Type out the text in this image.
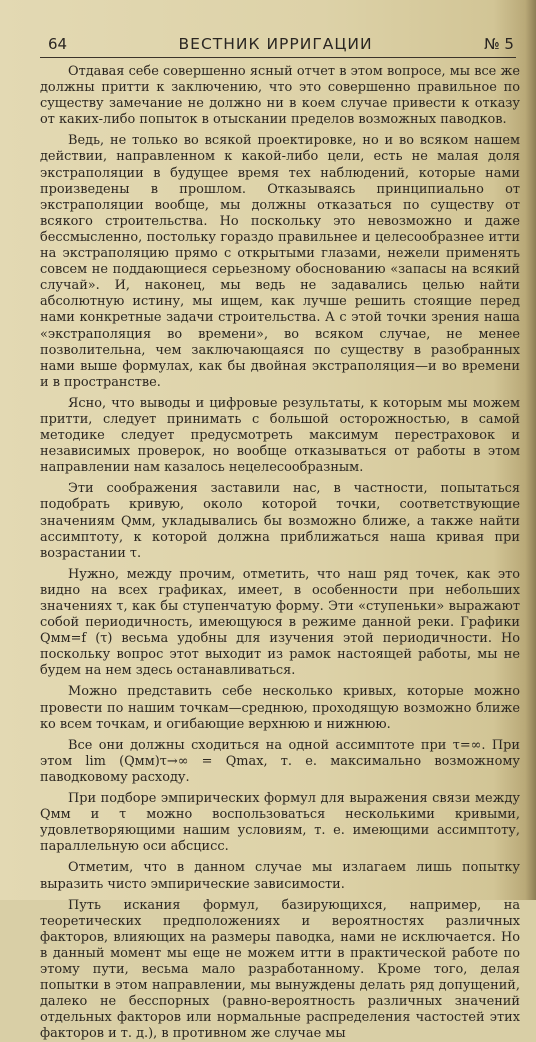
64	ВЕСТНИК ИРРИГАЦИИ	№ 5

Отдавая себе совершенно ясный отчет в этом вопросе, мы все же должны притти к заключению, что это совершенно правильное по существу замечание не должно ни в коем случае привести к отказу от каких-либо попыток в отыскании пределов возможных паводков.

Ведь, не только во всякой проектировке, но и во всяком нашем действии, направленном к какой-либо цели, есть не малая доля экстраполяции в будущее время тех наблюдений, которые нами произведены в прошлом. Отказываясь принципиально от экстраполяции вообще, мы должны отказаться по существу от всякого строительства. Но поскольку это невозможно и даже бессмысленно, постольку гораздо правильнее и целесообразнее итти на экстраполяцию прямо с открытыми глазами, нежели применять совсем не поддающиеся серьезному обоснованию «запасы на всякий случай». И, наконец, мы ведь не задавались целью найти абсолютную истину, мы ищем, как лучше решить стоящие перед нами конкретные задачи строительства. А с этой точки зрения наша «экстраполяция во времени», во всяком случае, не менее позволительна, чем заключающаяся по существу в разобранных нами выше формулах, как бы двойная экстраполяция—и во времени и в пространстве.

Ясно, что выводы и цифровые результаты, к которым мы можем притти, следует принимать с большой осторожностью, в самой методике следует предусмотреть максимум перестраховок и независимых проверок, но вообще отказываться от работы в этом направлении нам казалось нецелесообразным.

Эти соображения заставили нас, в частности, попытаться подобрать кривую, около которой точки, соответствующие значениям Qмм, укладывались бы возможно ближе, а также найти ассимптоту, к которой должна приближаться наша кривая при возрастании τ.

Нужно, между прочим, отметить, что наш ряд точек, как это видно на всех графиках, имеет, в особенности при небольших значениях τ, как бы ступенчатую форму. Эти «ступеньки» выражают собой периодичность, имеющуюся в режиме данной реки. Графики Qмм=f (τ) весьма удобны для изучения этой периодичности. Но поскольку вопрос этот выходит из рамок настоящей работы, мы не будем на нем здесь останавливаться.

Можно представить себе несколько кривых, которые можно провести по нашим точкам—среднюю, проходящую возможно ближе ко всем точкам, и огибающие верхнюю и нижнюю.

Все они должны сходиться на одной ассимптоте при τ=∞. При этом lim (Qмм)τ→∞ = Qmax, т. е. максимально возможному паводковому расходу.

При подборе эмпирических формул для выражения связи между Qмм и τ можно воспользоваться несколькими кривыми, удовлетворяющими нашим условиям, т. е. имеющими ассимптоту, параллельную оси абсцисс.

Отметим, что в данном случае мы излагаем лишь попытку выразить чисто эмпирические зависимости.

Путь искания формул, базирующихся, например, на теоретических предположениях и вероятностях различных факторов, влияющих на размеры паводка, нами не исключается. Но в данный момент мы еще не можем итти в практической работе по этому пути, весьма мало разработанному. Кроме того, делая попытки в этом направлении, мы вынуждены делать ряд допущений, далеко не бесспорных (равно-вероятность различных значений отдельных факторов или нормальные распределения частостей этих факторов и т. д.), в противном же случае мы
